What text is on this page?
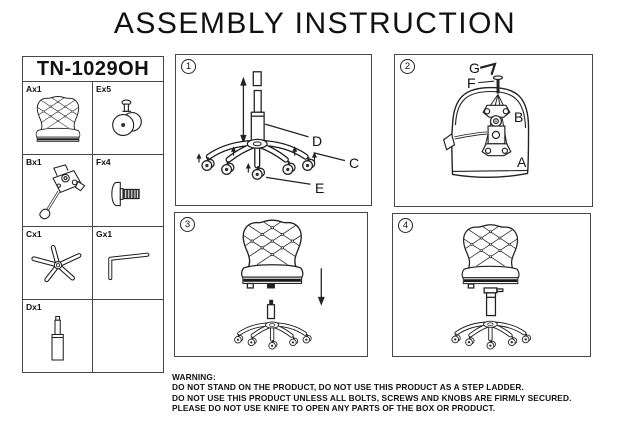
ASSEMBLY INSTRUCTION
TN-1029OH
Ax1	Ex5
Bx1	Fx4
Cx1	Gx1
Dx1
1
D
C
E
2	G
F
B
A
3	4
WARNING:
DO NOT STAND ON THE PRODUCT, DO NOT USE THIS PRODUCT AS A STEP LADDER.
DO NOT USE THIS PRODUCT UNLESS ALL BOLTS, SCREWS AND KNOBS ARE FIRMLY SECURED.
PLEASE DO NOT USE KNIFE TO OPEN ANY PARTS OF THE BOX OR PRODUCT.
